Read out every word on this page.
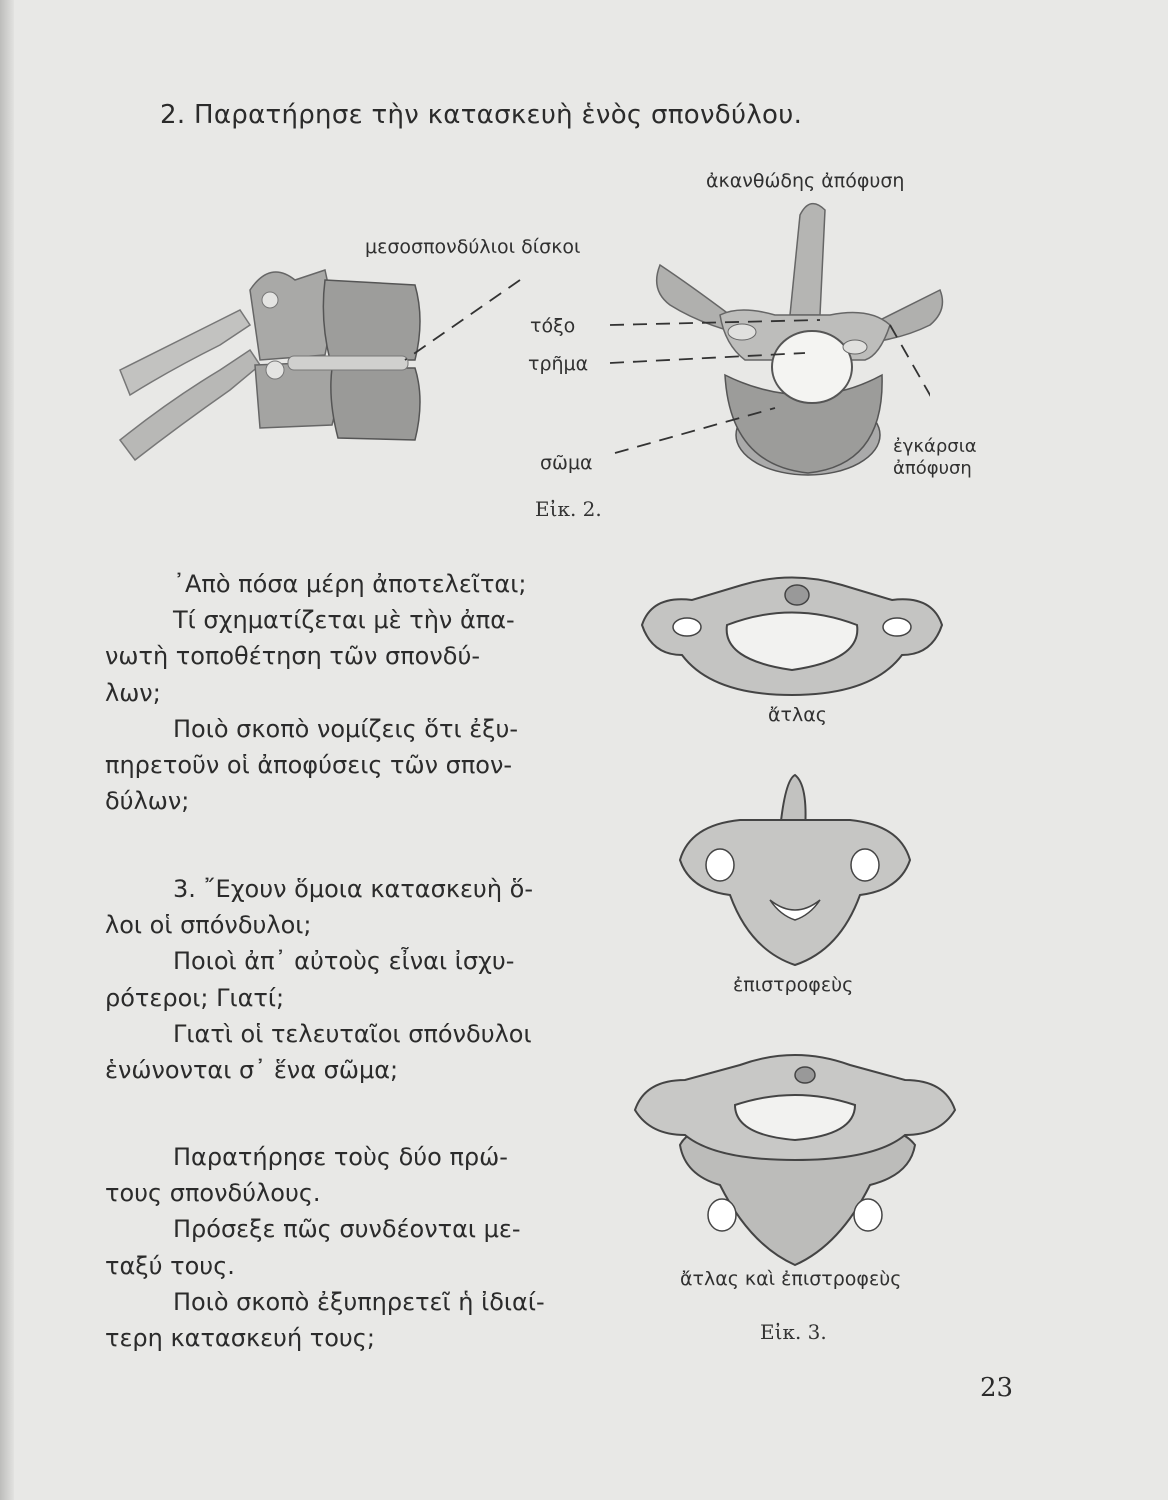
2. Παρατήρησε τὴν κατασκευὴ ἑνὸς σπονδύλου.
μεσοσπονδύλιοι δίσκοι
ἀκανθώδης ἀπόφυση
τόξο
τρῆμα
σῶμα
ἐγκάρσια
ἀπόφυση
Εἰκ. 2.

᾿Απὸ πόσα μέρη ἀποτελεῖται;

Τί σχηματίζεται μὲ τὴν ἀπα-

νωτὴ τοποθέτηση τῶν σπονδύ-

λων;

Ποιὸ σκοπὸ νομίζεις ὅτι ἐξυ-

πηρετοῦν οἱ ἀποφύσεις τῶν σπον-

δύλων;

3. ῎Εχουν ὅμοια κατασκευὴ ὅ-

λοι οἱ σπόνδυλοι;

Ποιοὶ ἀπ᾿ αὐτοὺς εἶναι ἰσχυ-

ρότεροι; Γιατί;

Γιατὶ οἱ τελευταῖοι σπόνδυλοι

ἑνώνονται σ᾿ ἕνα σῶμα;

Παρατήρησε τοὺς δύο πρώ-

τους σπονδύλους.

Πρόσεξε πῶς συνδέονται με-

ταξύ τους.

Ποιὸ σκοπὸ ἐξυπηρετεῖ ἡ ἰδιαί-

τερη κατασκευή τους;

ἄτλας
ἐπιστροφεὺς
ἄτλας καὶ ἐπιστροφεὺς
Εἰκ. 3.
23
